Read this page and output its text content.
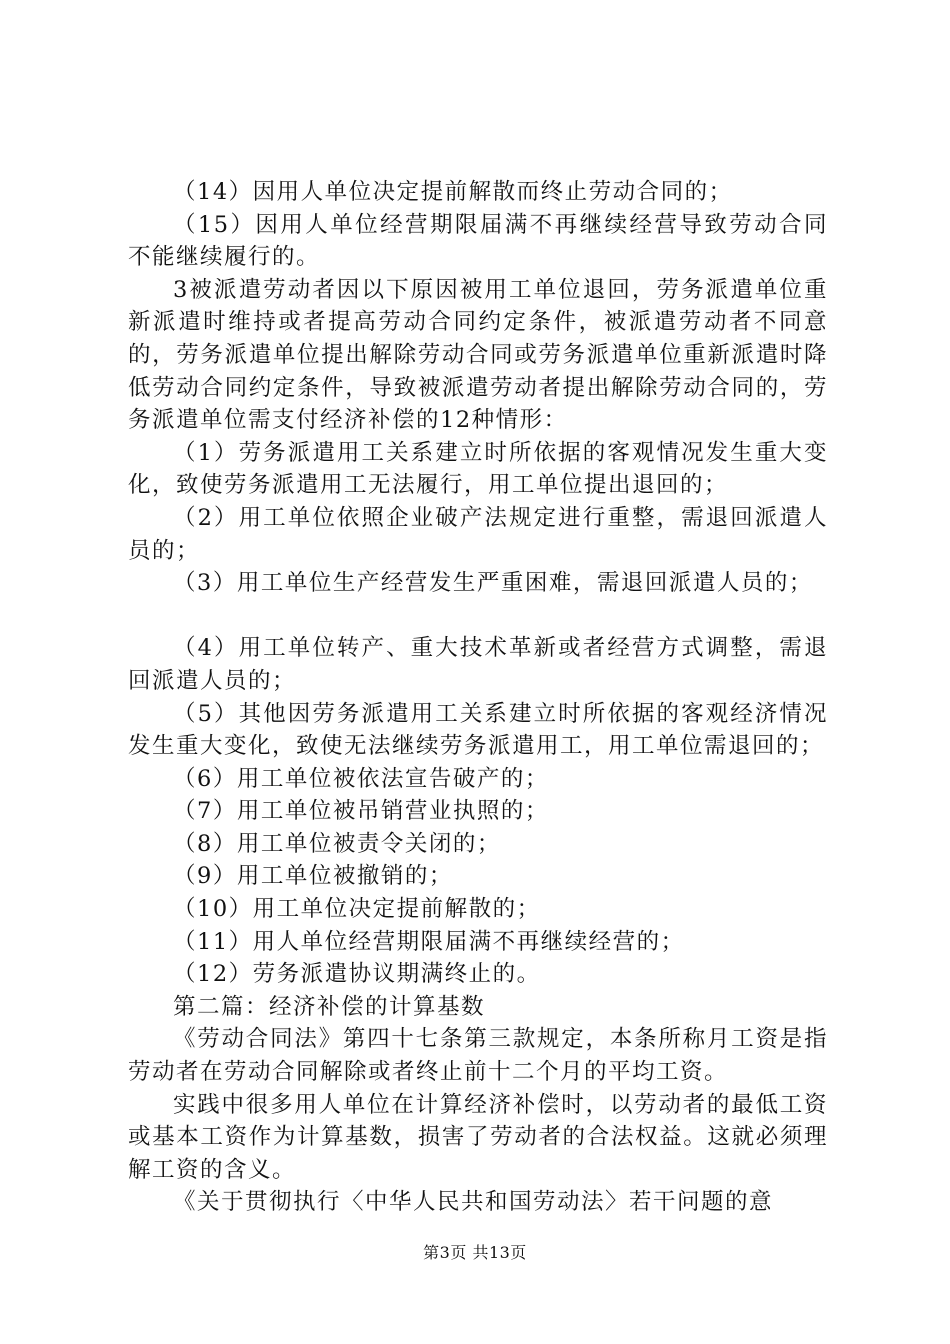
（14）因用人单位决定提前解散而终止劳动合同的；

（15）因用人单位经营期限届满不再继续经营导致劳动合同不能继续履行的。

3被派遣劳动者因以下原因被用工单位退回，劳务派遣单位重新派遣时维持或者提高劳动合同约定条件，被派遣劳动者不同意的，劳务派遣单位提出解除劳动合同或劳务派遣单位重新派遣时降低劳动合同约定条件，导致被派遣劳动者提出解除劳动合同的，劳务派遣单位需支付经济补偿的12种情形：

（1）劳务派遣用工关系建立时所依据的客观情况发生重大变化，致使劳务派遣用工无法履行，用工单位提出退回的；

（2）用工单位依照企业破产法规定进行重整，需退回派遣人员的；

（3）用工单位生产经营发生严重困难，需退回派遣人员的；

（4）用工单位转产、重大技术革新或者经营方式调整，需退回派遣人员的；

（5）其他因劳务派遣用工关系建立时所依据的客观经济情况发生重大变化，致使无法继续劳务派遣用工，用工单位需退回的；

（6）用工单位被依法宣告破产的；

（7）用工单位被吊销营业执照的；

（8）用工单位被责令关闭的；

（9）用工单位被撤销的；

（10）用工单位决定提前解散的；

（11）用人单位经营期限届满不再继续经营的；

（12）劳务派遣协议期满终止的。

第二篇：经济补偿的计算基数

《劳动合同法》第四十七条第三款规定，本条所称月工资是指劳动者在劳动合同解除或者终止前十二个月的平均工资。

实践中很多用人单位在计算经济补偿时，以劳动者的最低工资或基本工资作为计算基数，损害了劳动者的合法权益。这就必须理解工资的含义。

《关于贯彻执行〈中华人民共和国劳动法〉若干问题的意

第3页 共13页
